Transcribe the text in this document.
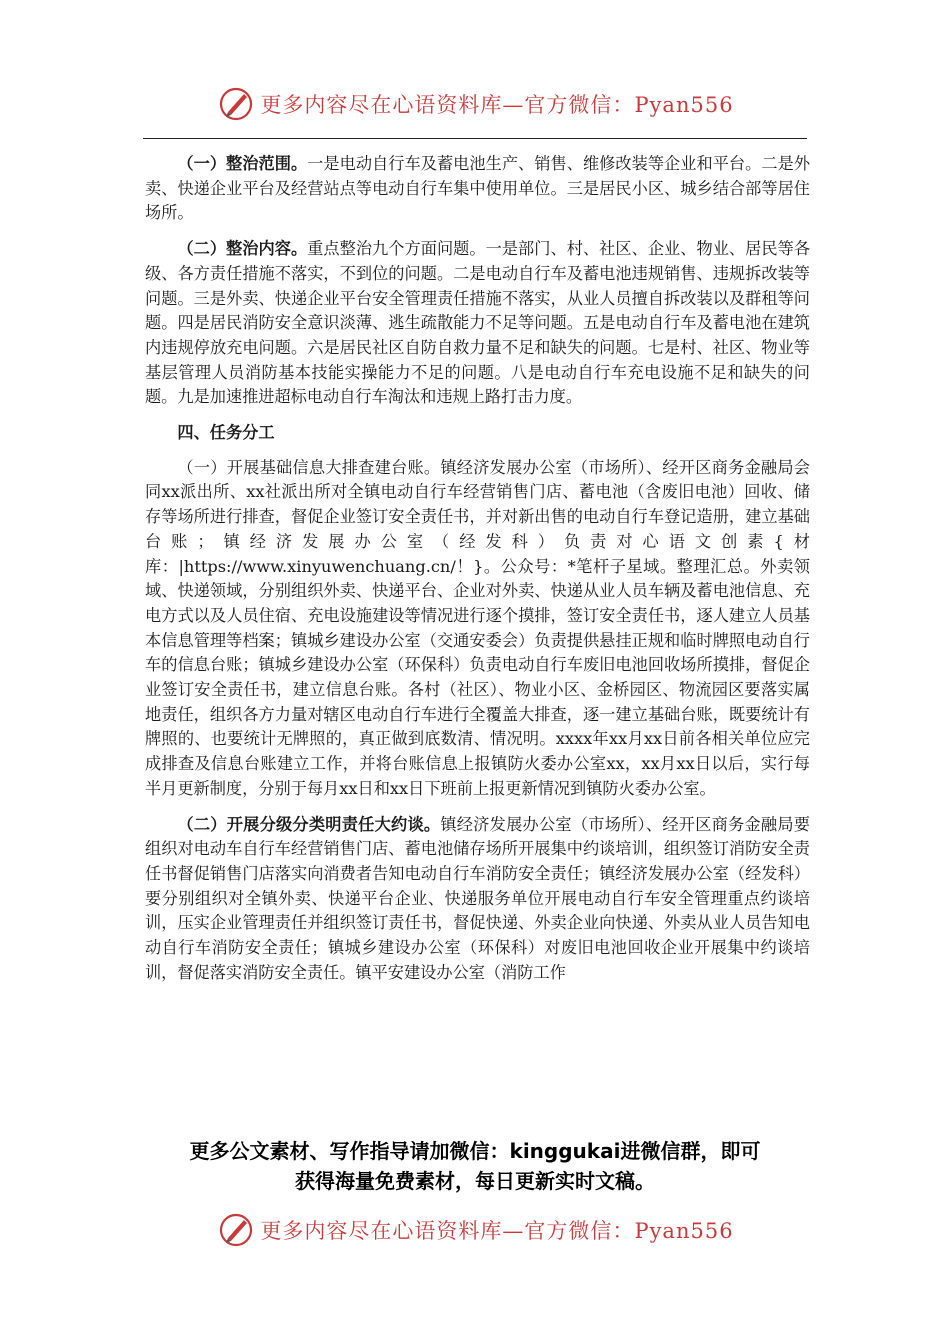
更多内容尽在心语资料库—官方微信：Pyan556

（一）整治范围。一是电动自行车及蓄电池生产、销售、维修改装等企业和平台。二是外卖、快递企业平台及经营站点等电动自行车集中使用单位。三是居民小区、城乡结合部等居住场所。

（二）整治内容。重点整治九个方面问题。一是部门、村、社区、企业、物业、居民等各级、各方责任措施不落实，不到位的问题。二是电动自行车及蓄电池违规销售、违规拆改装等问题。三是外卖、快递企业平台安全管理责任措施不落实，从业人员擅自拆改装以及群租等问题。四是居民消防安全意识淡薄、逃生疏散能力不足等问题。五是电动自行车及蓄电池在建筑内违规停放充电问题。六是居民社区自防自救力量不足和缺失的问题。七是村、社区、物业等基层管理人员消防基本技能实操能力不足的问题。八是电动自行车充电设施不足和缺失的问题。九是加速推进超标电动自行车淘汰和违规上路打击力度。

四、任务分工

（一）开展基础信息大排查建台账。镇经济发展办公室（市场所）、经开区商务金融局会同xx派出所、xx社派出所对全镇电动自行车经营销售门店、蓄电池（含废旧电池）回收、储存等场所进行排查，督促企业签订安全责任书，并对新出售的电动自行车登记造册，建立基础台账；镇经济发展办公室（经发科）负责对心语文创素{材库：|https://www.xinyuwenchuang.cn/！}。公众号：*笔杆子星域。整理汇总。外卖领域、快递领域，分别组织外卖、快递平台、企业对外卖、快递从业人员车辆及蓄电池信息、充电方式以及人员住宿、充电设施建设等情况进行逐个摸排，签订安全责任书，逐人建立人员基本信息管理等档案；镇城乡建设办公室（交通安委会）负责提供悬挂正规和临时牌照电动自行车的信息台账；镇城乡建设办公室（环保科）负责电动自行车废旧电池回收场所摸排，督促企业签订安全责任书，建立信息台账。各村（社区）、物业小区、金桥园区、物流园区要落实属地责任，组织各方力量对辖区电动自行车进行全覆盖大排查，逐一建立基础台账，既要统计有牌照的、也要统计无牌照的，真正做到底数清、情况明。xxxx年xx月xx日前各相关单位应完成排查及信息台账建立工作，并将台账信息上报镇防火委办公室xx，xx月xx日以后，实行每半月更新制度，分别于每月xx日和xx日下班前上报更新情况到镇防火委办公室。

（二）开展分级分类明责任大约谈。镇经济发展办公室（市场所）、经开区商务金融局要组织对电动车自行车经营销售门店、蓄电池储存场所开展集中约谈培训，组织签订消防安全责任书督促销售门店落实向消费者告知电动自行车消防安全责任；镇经济发展办公室（经发科）要分别组织对全镇外卖、快递平台企业、快递服务单位开展电动自行车安全管理重点约谈培训，压实企业管理责任并组织签订责任书，督促快递、外卖企业向快递、外卖从业人员告知电动自行车消防安全责任；镇城乡建设办公室（环保科）对废旧电池回收企业开展集中约谈培训，督促落实消防安全责任。镇平安建设办公室（消防工作

更多公文素材、写作指导请加微信：kinggukai进微信群，即可
获得海量免费素材，每日更新实时文稿。
更多内容尽在心语资料库—官方微信：Pyan556
